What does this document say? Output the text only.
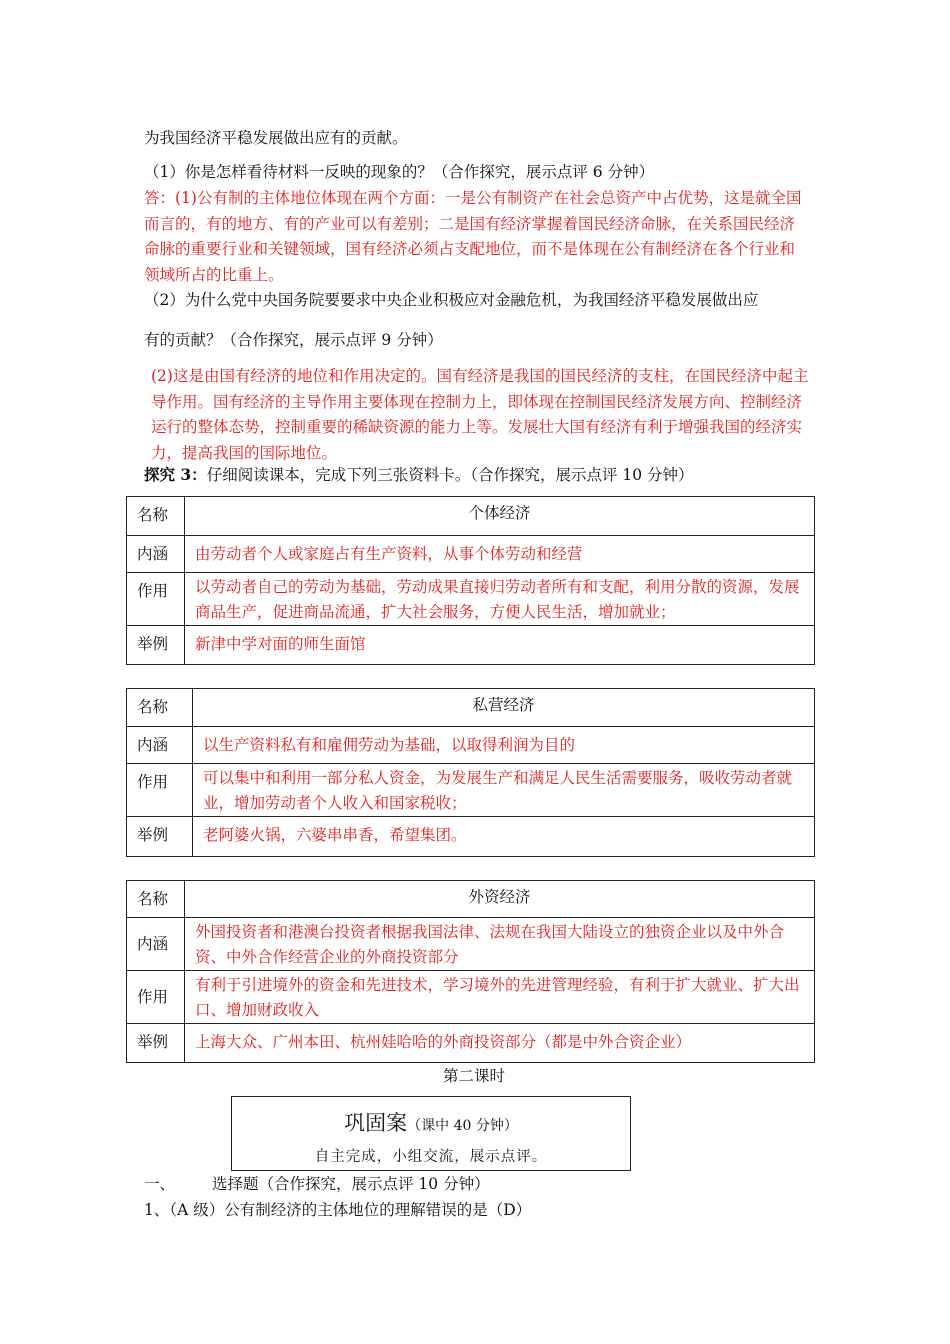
为我国经济平稳发展做出应有的贡献。
（1）你是怎样看待材料一反映的现象的？（合作探究，展示点评 6 分钟）
答：(1)公有制的主体地位体现在两个方面：一是公有制资产在社会总资产中占优势，这是就全国而言的，有的地方、有的产业可以有差别；二是国有经济掌握着国民经济命脉，在关系国民经济命脉的重要行业和关键领域，国有经济必须占支配地位，而不是体现在公有制经济在各个行业和领域所占的比重上。
（2）为什么党中央国务院要要求中央企业积极应对金融危机，为我国经济平稳发展做出应
有的贡献？（合作探究，展示点评 9 分钟）
(2)这是由国有经济的地位和作用决定的。国有经济是我国的国民经济的支柱，在国民经济中起主导作用。国有经济的主导作用主要体现在控制力上，即体现在控制国民经济发展方向、控制经济运行的整体态势，控制重要的稀缺资源的能力上等。发展壮大国有经济有利于增强我国的经济实力，提高我国的国际地位。
探究 3：仔细阅读课本，完成下列三张资料卡。（合作探究，展示点评 10 分钟）
名称	个体经济
内涵	由劳动者个人或家庭占有生产资料，从事个体劳动和经营
作用	以劳动者自己的劳动为基础，劳动成果直接归劳动者所有和支配，利用分散的资源，发展商品生产，促进商品流通，扩大社会服务，方便人民生活，增加就业；
举例	新津中学对面的师生面馆
名称	私营经济
内涵	以生产资料私有和雇佣劳动为基础，以取得利润为目的
作用	可以集中和利用一部分私人资金，为发展生产和满足人民生活需要服务，吸收劳动者就业，增加劳动者个人收入和国家税收；
举例	老阿婆火锅，六婆串串香，希望集团。
名称	外资经济
内涵	外国投资者和港澳台投资者根据我国法律、法规在我国大陆设立的独资企业以及中外合资、中外合作经营企业的外商投资部分
作用	有利于引进境外的资金和先进技术，学习境外的先进管理经验，有利于扩大就业、扩大出口、增加财政收入
举例	上海大众、广州本田、杭州娃哈哈的外商投资部分（都是中外合资企业）
第二课时
巩固案（课中 40 分钟）
自主完成，小组交流，展示点评。
一、 选择题（合作探究，展示点评 10 分钟）
1、（A 级）公有制经济的主体地位的理解错误的是（D）
